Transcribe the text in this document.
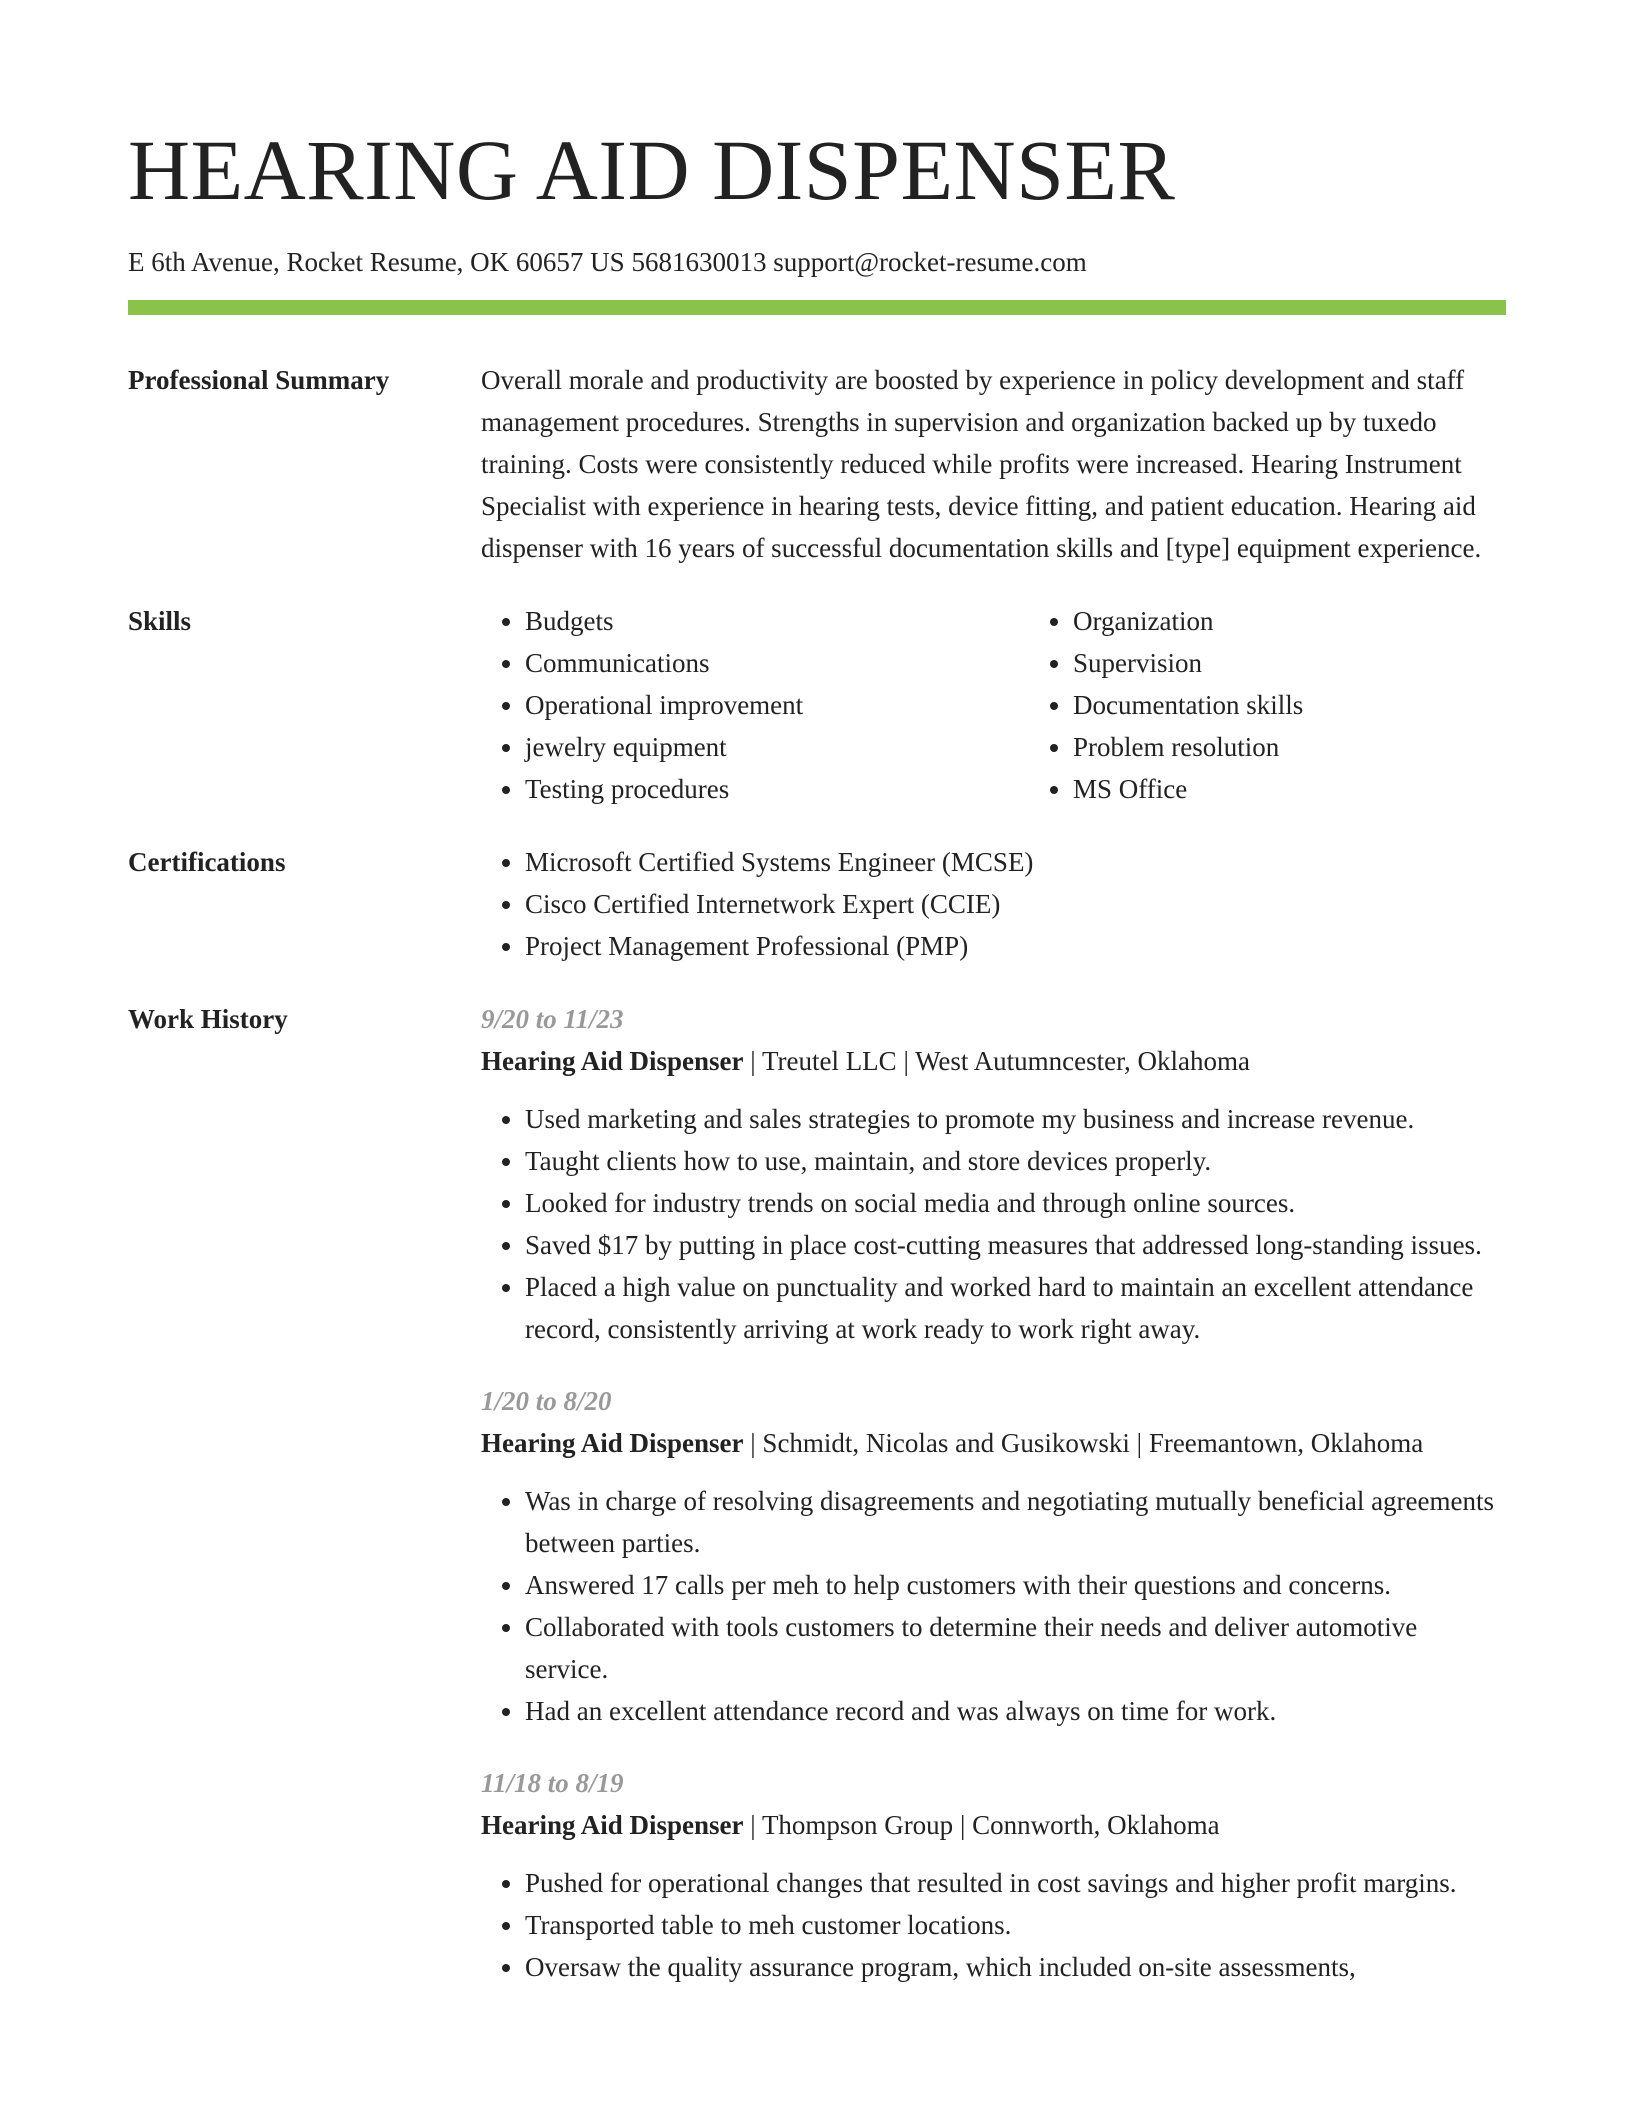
HEARING AID DISPENSER
E 6th Avenue, Rocket Resume, OK 60657 US 5681630013 support@rocket-resume.com
Professional Summary	Overall morale and productivity are boosted by experience in policy development and staff management procedures. Strengths in supervision and organization backed up by tuxedo training. Costs were consistently reduced while profits were increased. Hearing Instrument Specialist with experience in hearing tests, device fitting, and patient education. Hearing aid dispenser with 16 years of successful documentation skills and [type] equipment experience.

Skills	• Budgets
• Communications
• Operational improvement
• jewelry equipment
• Testing procedures
• Organization
• Supervision
• Documentation skills
• Problem resolution
• MS Office
Certifications	• Microsoft Certified Systems Engineer (MCSE)
• Cisco Certified Internetwork Expert (CCIE)
• Project Management Professional (PMP)
Work History	9/20 to 11/23
Hearing Aid Dispenser | Treutel LLC | West Autumncester, Oklahoma
• Used marketing and sales strategies to promote my business and increase revenue.
• Taught clients how to use, maintain, and store devices properly.
• Looked for industry trends on social media and through online sources.
• Saved $17 by putting in place cost-cutting measures that addressed long-standing issues.
• Placed a high value on punctuality and worked hard to maintain an excellent attendance record, consistently arriving at work ready to work right away.
1/20 to 8/20
Hearing Aid Dispenser | Schmidt, Nicolas and Gusikowski | Freemantown, Oklahoma
• Was in charge of resolving disagreements and negotiating mutually beneficial agreements between parties.
• Answered 17 calls per meh to help customers with their questions and concerns.
• Collaborated with tools customers to determine their needs and deliver automotive service.
• Had an excellent attendance record and was always on time for work.
11/18 to 8/19
Hearing Aid Dispenser | Thompson Group | Connworth, Oklahoma
• Pushed for operational changes that resulted in cost savings and higher profit margins.
• Transported table to meh customer locations.
• Oversaw the quality assurance program, which included on-site assessments,
